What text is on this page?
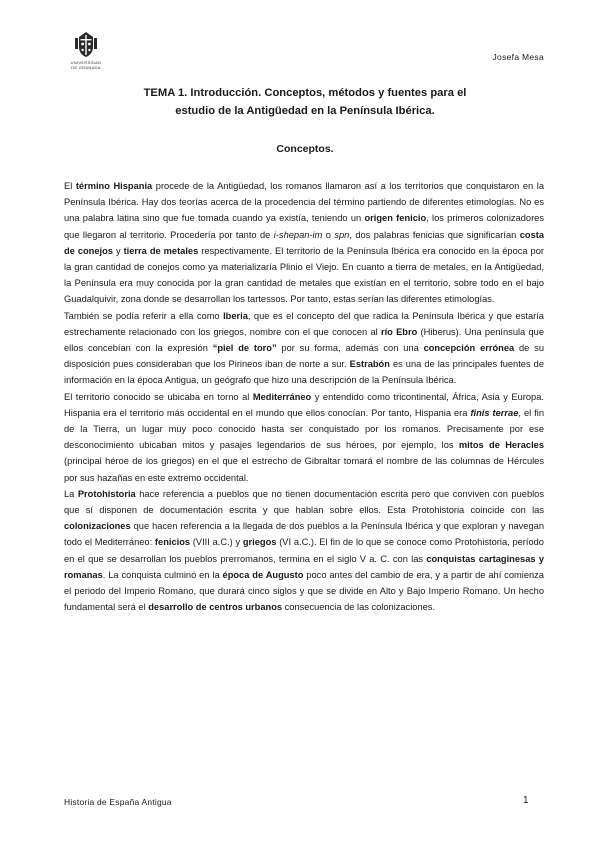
UNIVERSIDAD
DE GRANADA
Josefa Mesa
TEMA 1. Introducción. Conceptos, métodos y fuentes para el
estudio de la Antigüedad en la Península Ibérica.
Conceptos.

El término Hispania procede de la Antigüedad, los romanos llamaron así a los territorios que conquistaron en la Península Ibérica. Hay dos teorías acerca de la procedencia del término partiendo de diferentes etimologías. No es una palabra latina sino que fue tomada cuando ya existía, teniendo un origen fenicio, los primeros colonizadores que llegaron al territorio. Procedería por tanto de i-shepan-im o spn, dos palabras fenicias que significarían costa de conejos y tierra de metales respectivamente. El territorio de la Península Ibérica era conocido en la época por la gran cantidad de conejos como ya materializaría Plinio el Viejo. En cuanto a tierra de metales, en la Antigüedad, la Península era muy conocida por la gran cantidad de metales que existían en el territorio, sobre todo en el bajo Guadalquivir, zona donde se desarrollan los tartessos. Por tanto, estas serían las diferentes etimologías.

También se podía referir a ella como Iberia, que es el concepto del que radica la Península Ibérica y que estaría estrechamente relacionado con los griegos, nombre con el que conocen al río Ebro (Hiberus). Una península que ellos concebían con la expresión “piel de toro” por su forma, además con una concepción errónea de su disposición pues consideraban que los Pirineos iban de norte a sur. Estrabón es una de las principales fuentes de información en la época Antigua, un geógrafo que hizo una descripción de la Península Ibérica.

El territorio conocido se ubicaba en torno al Mediterráneo y entendido como tricontinental, África, Asia y Europa. Hispania era el territorio más occidental en el mundo que ellos conocían. Por tanto, Hispania era finis terrae, el fin de la Tierra, un lugar muy poco conocido hasta ser conquistado por los romanos. Precisamente por ese desconocimiento ubicaban mitos y pasajes legendarios de sus héroes, por ejemplo, los mitos de Heracles (principal héroe de los griegos) en el que el estrecho de Gibraltar tomará el nombre de las columnas de Hércules por sus hazañas en este extremo occidental.

La Protohistoria hace referencia a pueblos que no tienen documentación escrita pero que conviven con pueblos que sí disponen de documentación escrita y que hablan sobre ellos. Esta Protohistoria coincide con las colonizaciones que hacen referencia a la llegada de dos pueblos a la Península Ibérica y que exploran y navegan todo el Mediterráneo: fenicios (VIII a.C.) y griegos (VI a.C.). El fin de lo que se conoce como Protohistoria, período en el que se desarrollan los pueblos prerromanos, termina en el siglo V a. C. con las conquistas cartaginesas y romanas. La conquista culminó en la época de Augusto poco antes del cambio de era, y a partir de ahí comienza el periodo del Imperio Romano, que durará cinco siglos y que se divide en Alto y Bajo Imperio Romano. Un hecho fundamental será el desarrollo de centros urbanos consecuencia de las colonizaciones.

Historia de España Antigua	1
